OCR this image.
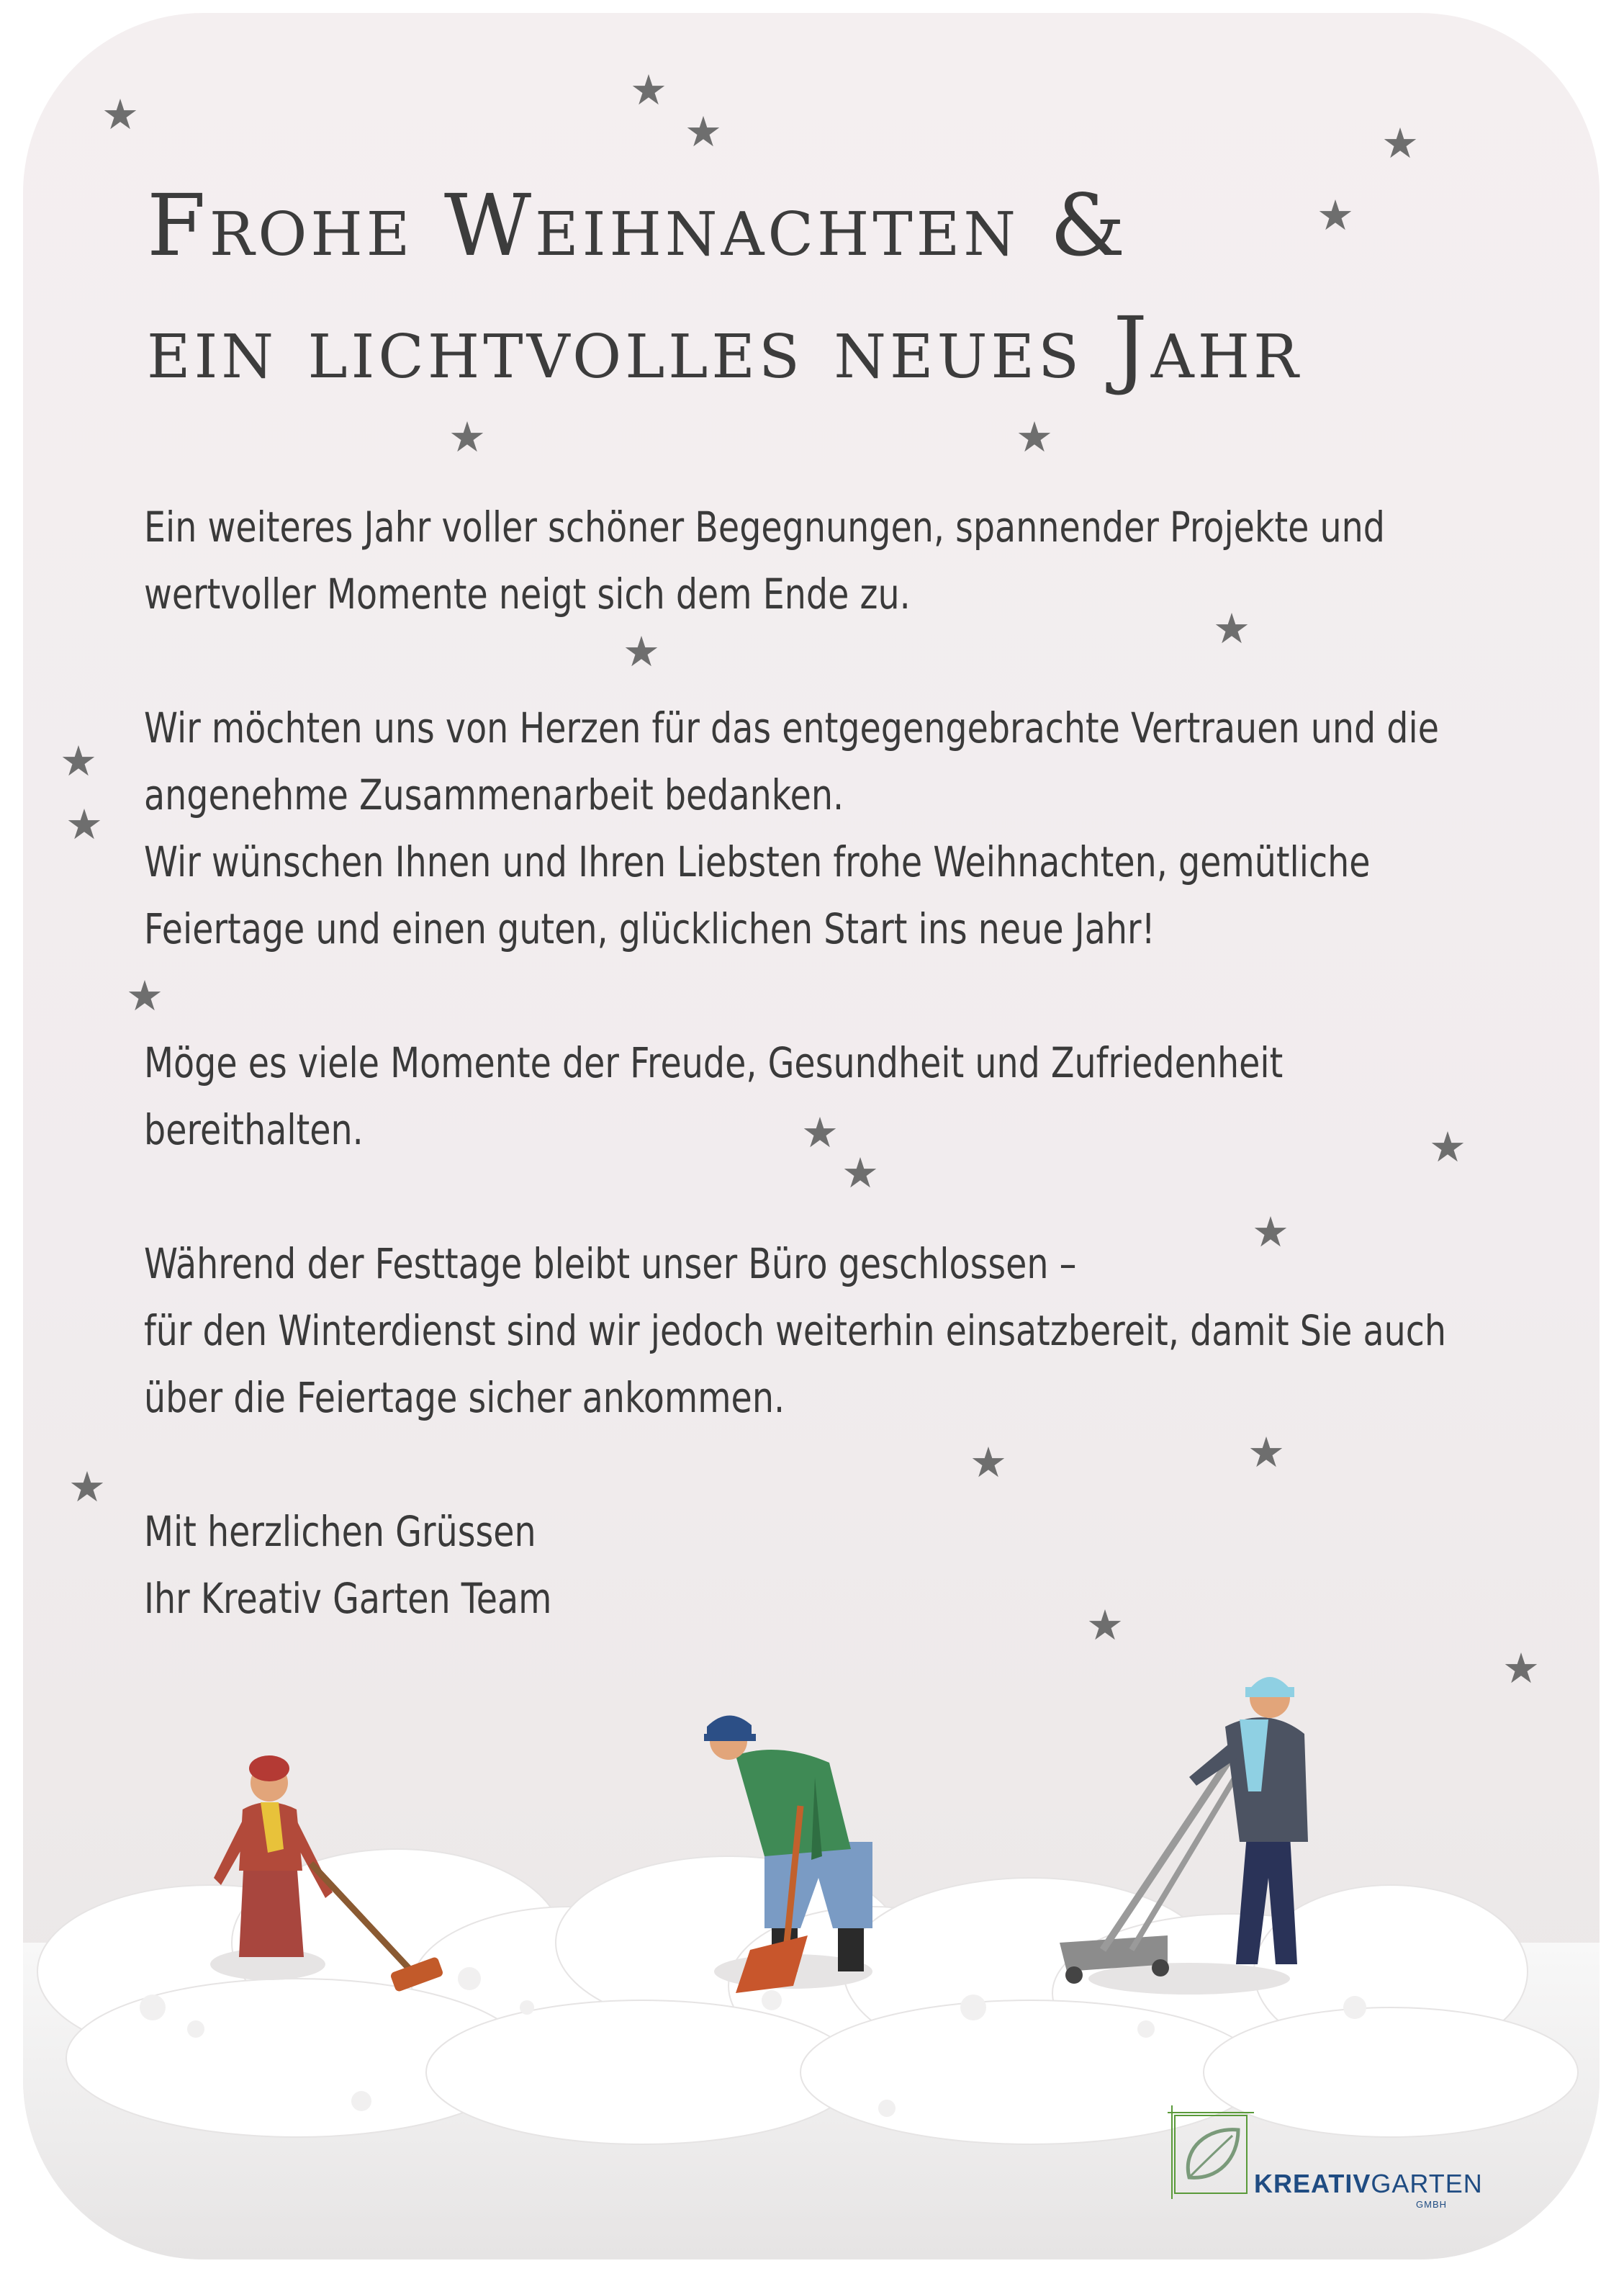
Frohe Weihnachten &
ein lichtvolles neues Jahr

Ein weiteres Jahr voller schöner Begegnungen, spannender Projekte und
wertvoller Momente neigt sich dem Ende zu.

Wir möchten uns von Herzen für das entgegengebrachte Vertrauen und die
angenehme Zusammenarbeit bedanken.
Wir wünschen Ihnen und Ihren Liebsten frohe Weihnachten, gemütliche
Feiertage und einen guten, glücklichen Start ins neue Jahr!

Möge es viele Momente der Freude, Gesundheit und Zufriedenheit
bereithalten.

Während der Festtage bleibt unser Büro geschlossen –
für den Winterdienst sind wir jedoch weiterhin einsatzbereit, damit Sie auch
über die Feiertage sicher ankommen.

Mit herzlichen Grüssen
Ihr Kreativ Garten Team

★	★
★	★
★
★	★
★
★
★
★
★
★
★
★
★
★	★
★
★
★
KREATIVGARTEN
GMBH
